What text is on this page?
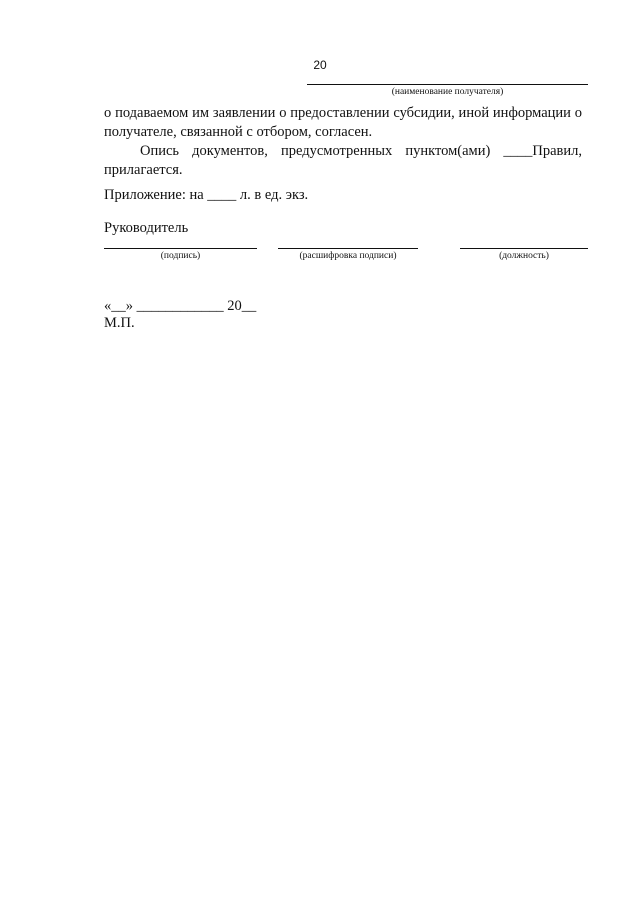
20
(наименование получателя)

о подаваемом им заявлении о предоставлении субсидии, иной информации о получателе, связанной с отбором, согласен.

Опись документов, предусмотренных пунктом(ами) ____Правил, прилагается.

Приложение: на ____ л. в ед. экз.
Руководитель
(подпись)	(расшифровка подписи)	(должность)
«__» ____________ 20__
М.П.
